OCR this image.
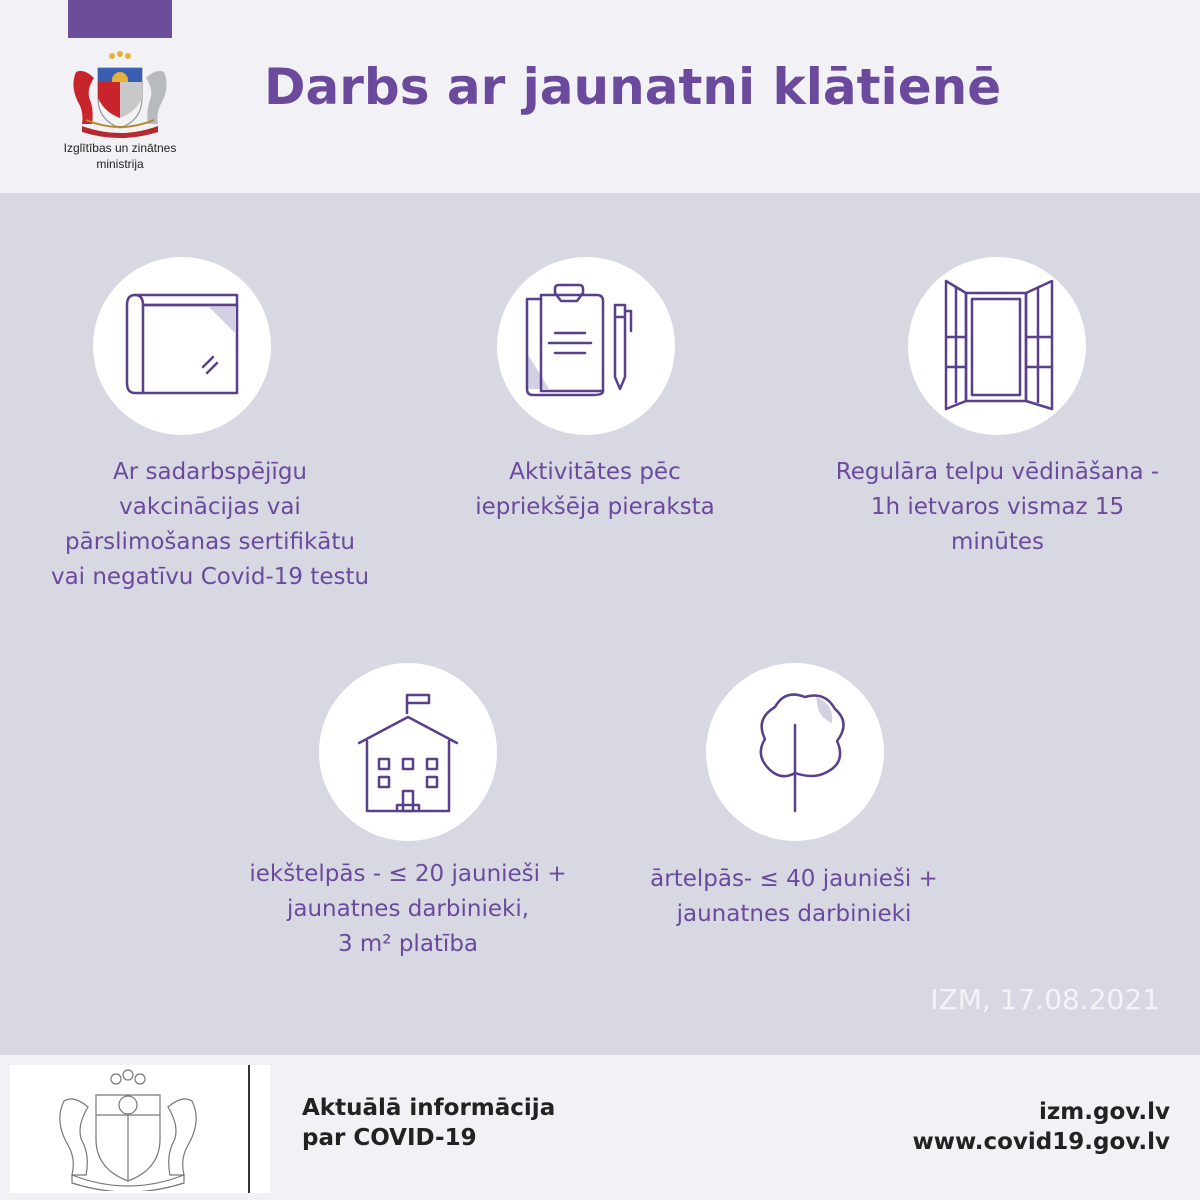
Izglītības un zinātnes
ministrija
Darbs ar jaunatni klātienē
Ar sadarbspējīgu
vakcinācijas vai
pārslimošanas sertifikātu
vai negatīvu Covid-19 testu
Aktivitātes pēc
iepriekšēja pieraksta
Regulāra telpu vēdināšana -
1h ietvaros vismaz 15
minūtes
iekštelpās - ≤ 20 jaunieši +
jaunatnes darbinieki,
3 m² platība
ārtelpās- ≤ 40 jaunieši +
jaunatnes darbinieki
IZM, 17.08.2021
Aktuālā informācija
par COVID-19
izm.gov.lv
www.covid19.gov.lv
